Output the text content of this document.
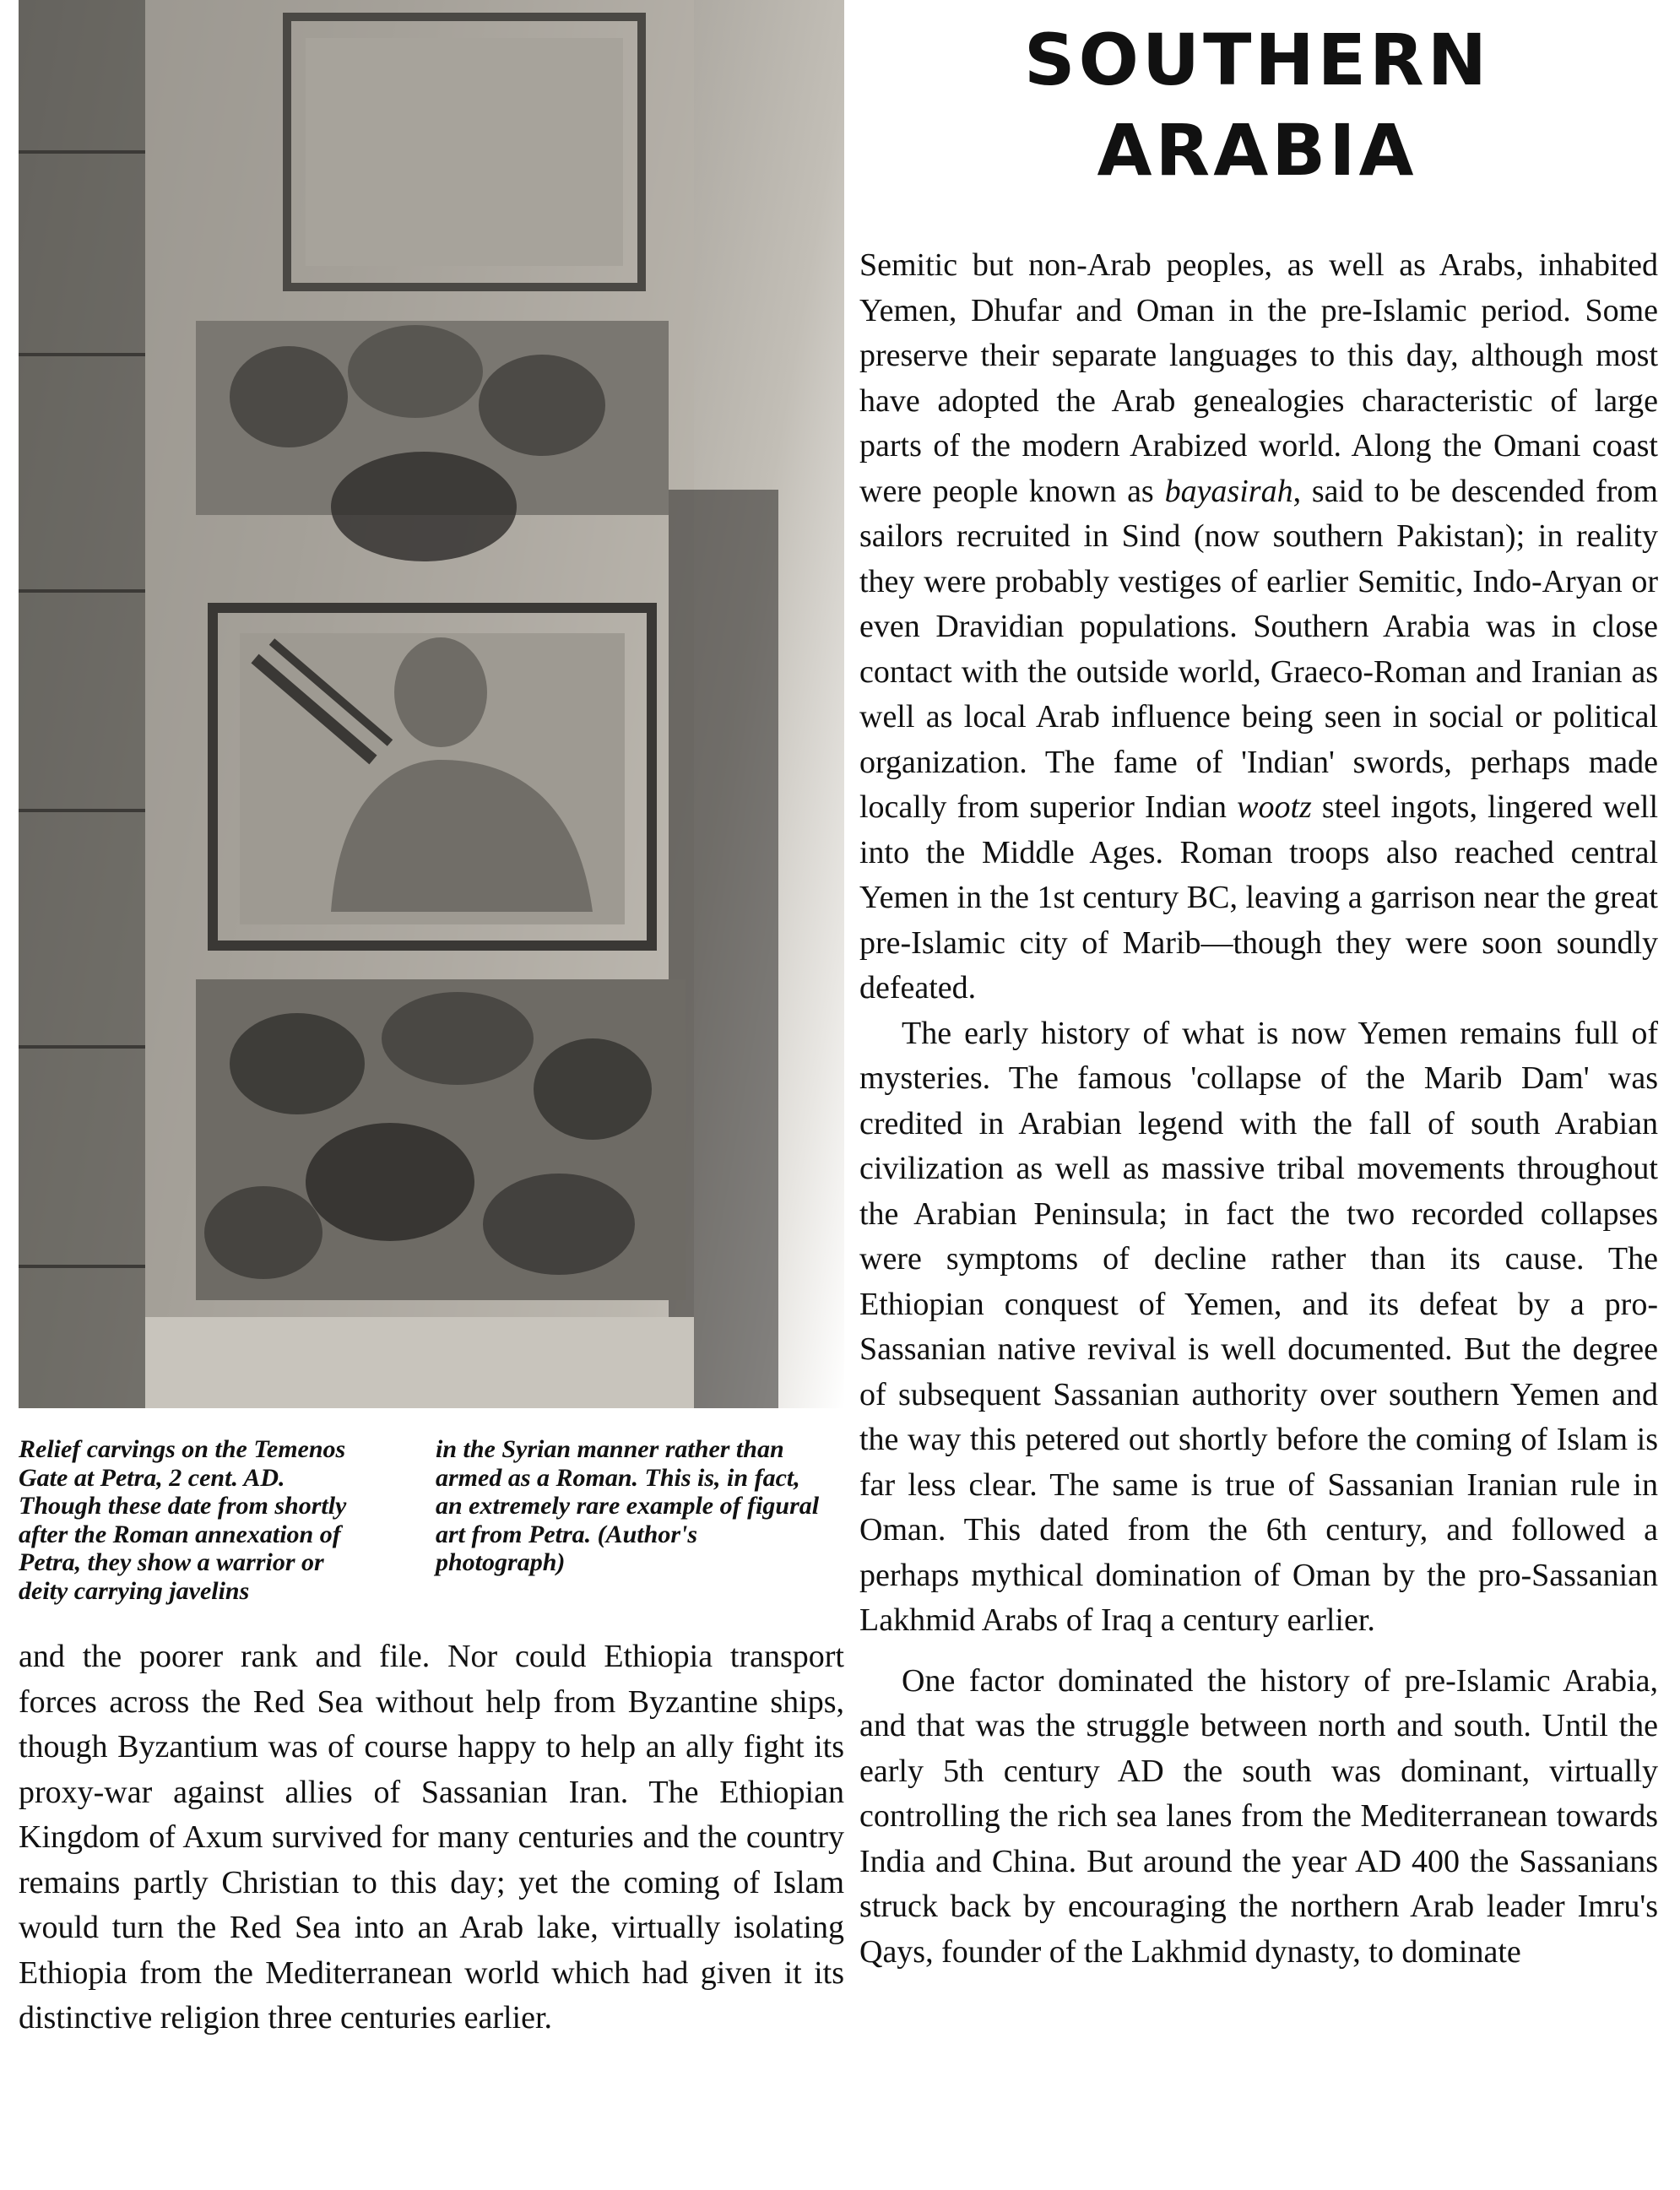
Relief carvings on the Temenos Gate at Petra, 2 cent. AD. Though these date from shortly after the Roman annexation of Petra, they show a warrior or deity carrying javelins

in the Syrian manner rather than armed as a Roman. This is, in fact, an extremely rare example of figural art from Petra. (Author's photograph)

and the poorer rank and file. Nor could Ethiopia transport forces across the Red Sea without help from Byzantine ships, though Byzantium was of course happy to help an ally fight its proxy-war against allies of Sassanian Iran. The Ethiopian Kingdom of Axum survived for many centuries and the country remains partly Christian to this day; yet the coming of Islam would turn the Red Sea into an Arab lake, virtually isolating Ethiopia from the Mediterranean world which had given it its distinctive religion three centuries earlier.

SOUTHERN
ARABIA

Semitic but non-Arab peoples, as well as Arabs, inhabited Yemen, Dhufar and Oman in the pre-Islamic period. Some preserve their separate languages to this day, although most have adopted the Arab genealogies characteristic of large parts of the modern Arabized world. Along the Omani coast were people known as bayasirah, said to be descended from sailors recruited in Sind (now southern Pakistan); in reality they were probably vestiges of earlier Semitic, Indo-Aryan or even Dravidian populations. Southern Arabia was in close contact with the outside world, Graeco-Roman and Iranian as well as local Arab influence being seen in social or political organization. The fame of 'Indian' swords, perhaps made locally from superior Indian wootz steel ingots, lingered well into the Middle Ages. Roman troops also reached central Yemen in the 1st century BC, leaving a garrison near the great pre-Islamic city of Marib—though they were soon soundly defeated.

The early history of what is now Yemen remains full of mysteries. The famous 'collapse of the Marib Dam' was credited in Arabian legend with the fall of south Arabian civilization as well as massive tribal movements throughout the Arabian Peninsula; in fact the two recorded collapses were symptoms of decline rather than its cause. The Ethiopian conquest of Yemen, and its defeat by a pro-Sassanian native revival is well documented. But the degree of subsequent Sassanian authority over southern Yemen and the way this petered out shortly before the coming of Islam is far less clear. The same is true of Sassanian Iranian rule in Oman. This dated from the 6th century, and followed a perhaps mythical domination of Oman by the pro-Sassanian Lakhmid Arabs of Iraq a century earlier.

One factor dominated the history of pre-Islamic Arabia, and that was the struggle between north and south. Until the early 5th century AD the south was dominant, virtually controlling the rich sea lanes from the Mediterranean towards India and China. But around the year AD 400 the Sassanians struck back by encouraging the northern Arab leader Imru's Qays, founder of the Lakhmid dynasty, to dominate
